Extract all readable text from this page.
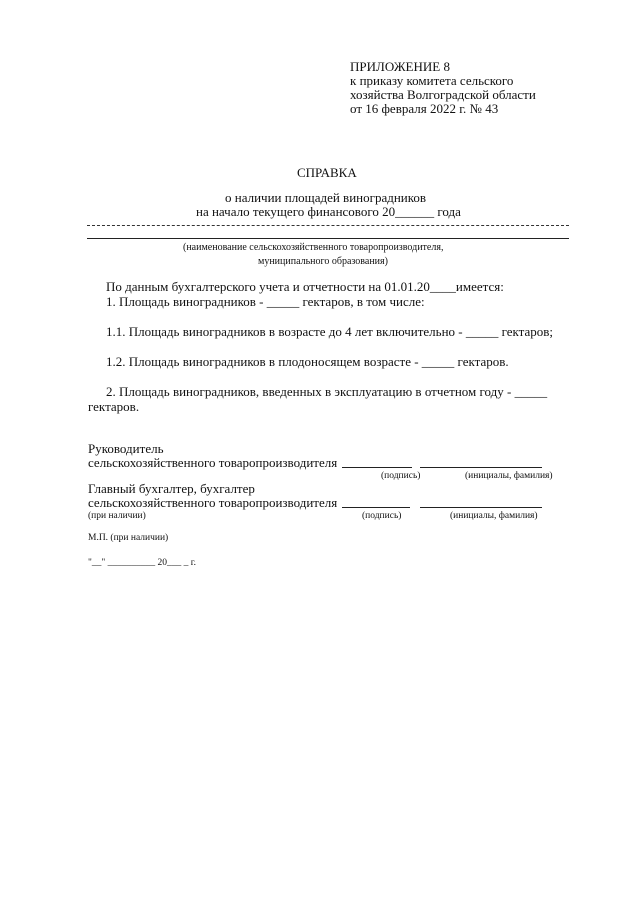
ПРИЛОЖЕНИЕ 8
к приказу комитета сельского
хозяйства Волгоградской области
от 16 февраля 2022 г. № 43
СПРАВКА
о наличии площадей виноградников
на начало текущего финансового 20______ года
(наименование сельскохозяйственного товаропроизводителя,
муниципального образования)
По данным бухгалтерского учета и отчетности на 01.01.20____имеется:
1. Площадь виноградников - _____ гектаров, в том числе:
1.1. Площадь виноградников в возрасте до 4 лет включительно - _____ гектаров;
1.2. Площадь виноградников в плодоносящем возрасте - _____ гектаров.
2. Площадь виноградников, введенных в эксплуатацию в отчетном году - _____
гектаров.
Руководитель
сельскохозяйственного товаропроизводителя
(подпись)	(инициалы, фамилия)
Главный бухгалтер, бухгалтер
сельскохозяйственного товаропроизводителя
(при наличии)	(подпись)	(инициалы, фамилия)
М.П. (при наличии)
"__" __________ 20___ _ г.
